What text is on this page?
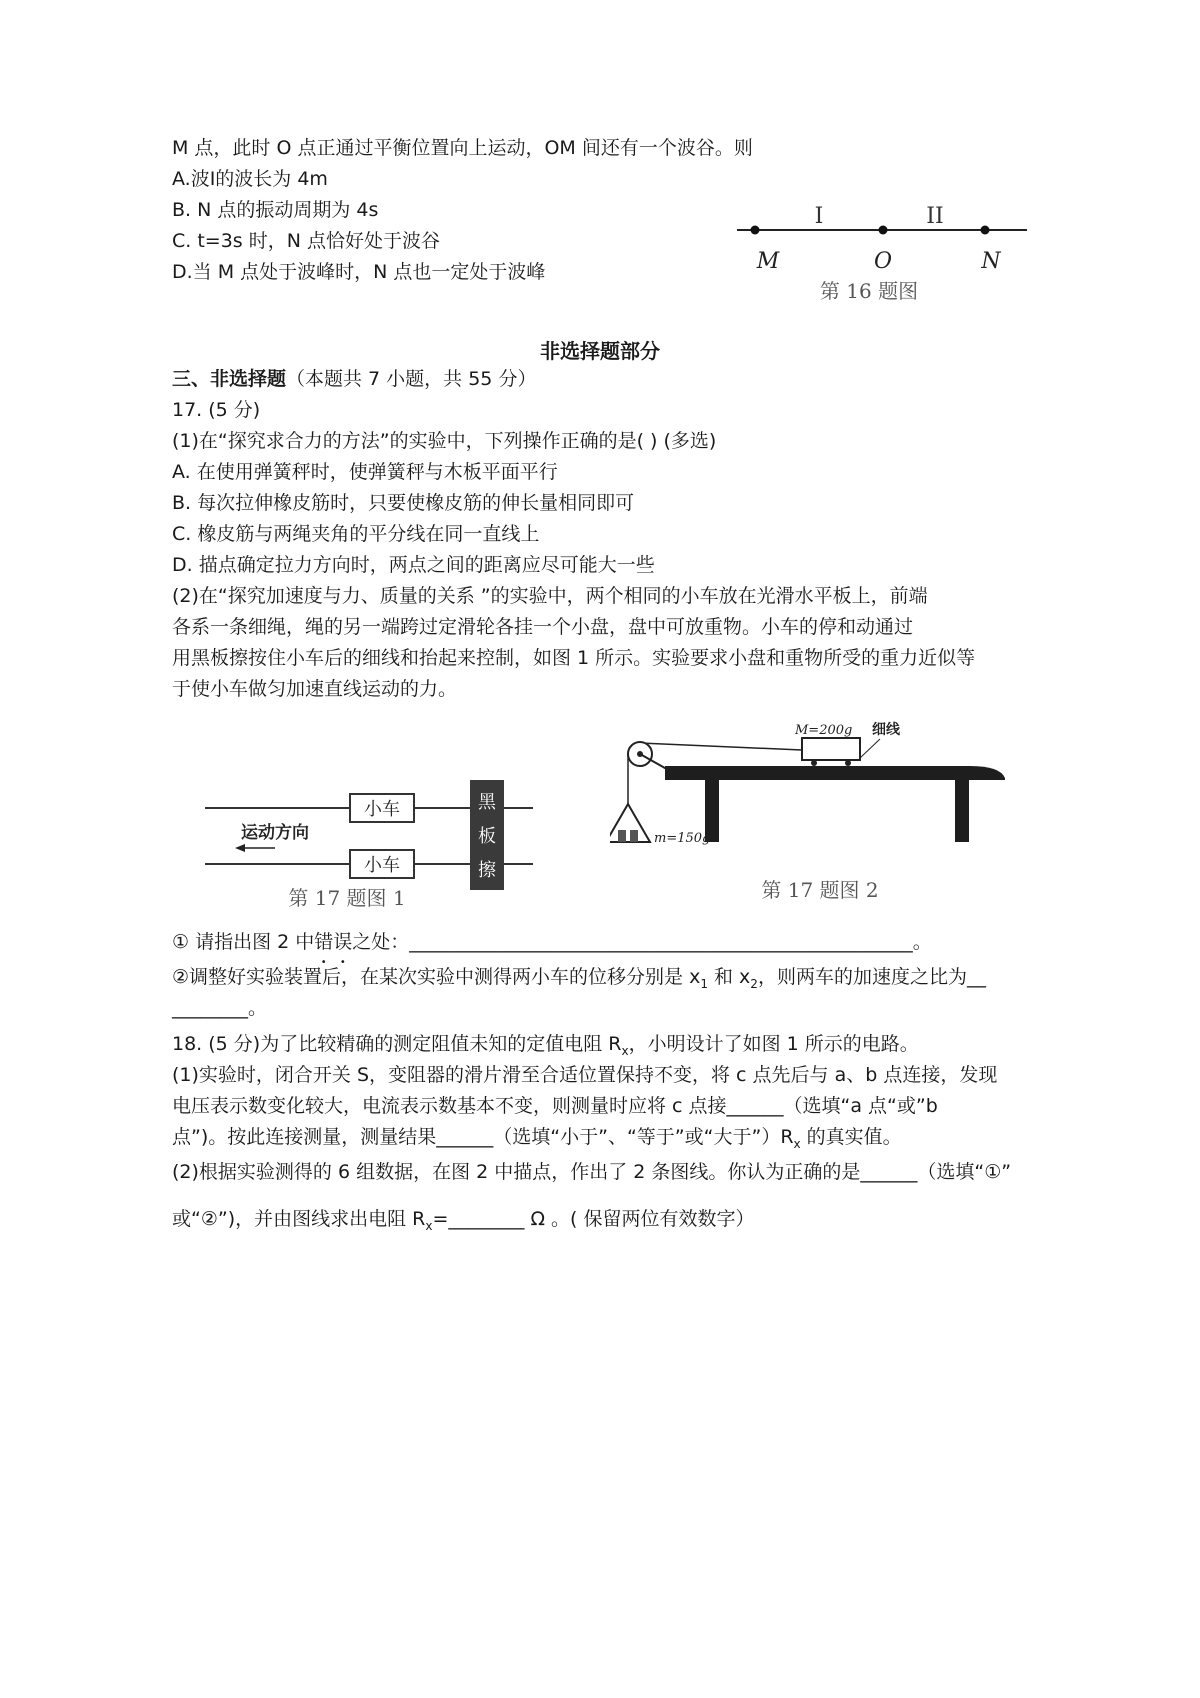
M 点，此时 O 点正通过平衡位置向上运动，OM 间还有一个波谷。则
A.波Ⅰ的波长为 4m
B. N 点的振动周期为 4s
C. t=3s 时，N 点恰好处于波谷
D.当 M 点处于波峰时，N 点也一定处于波峰
I	II
M	O	N
第 16 题图
非选择题部分
三、非选择题（本题共 7 小题，共 55 分）
17. (5 分)
(1)在“探究求合力的方法”的实验中，下列操作正确的是( ) (多选)
A. 在使用弹簧秤时，使弹簧秤与木板平面平行
B. 每次拉伸橡皮筋时，只要使橡皮筋的伸长量相同即可
C. 橡皮筋与两绳夹角的平分线在同一直线上
D. 描点确定拉力方向时，两点之间的距离应尽可能大一些
(2)在“探究加速度与力、质量的关系 ”的实验中，两个相同的小车放在光滑水平板上，前端
各系一条细绳，绳的另一端跨过定滑轮各挂一个小盘，盘中可放重物。小车的停和动通过
用黑板擦按住小车后的细线和抬起来控制，如图 1 所示。实验要求小盘和重物所受的重力近似等
于使小车做匀加速直线运动的力。
小车
小车
黑
板
擦
运动方向
第 17 题图 1
M=200g 细线
m=150g
第 17 题图 2
① 请指出图 2 中错误之处：_____________________________________________________。
②调整好实验装置后，在某次实验中测得两小车的位移分别是 $x_1$ 和 $x_2$，则两车的加速度之比为__
________。
18. (5 分)为了比较精确的测定阻值未知的定值电阻 $R_x$，小明设计了如图 1 所示的电路。
(1)实验时，闭合开关 S，变阻器的滑片滑至合适位置保持不变，将 c 点先后与 a、b 点连接，发现
电压表示数变化较大，电流表示数基本不变，则测量时应将 c 点接______（选填“a 点“或”b
点”)。按此连接测量，测量结果______（选填“小于”、“等于”或“大于$”)R_x$ 的真实值。
(2)根据实验测得的 6 组数据，在图 2 中描点，作出了 2 条图线。你认为正确的是______（选填“①”
或“②”)，并由图线求出电阻 $R_x=\_\_\_\_\_\_\_\_$ Ω 。( 保留两位有效数字）
